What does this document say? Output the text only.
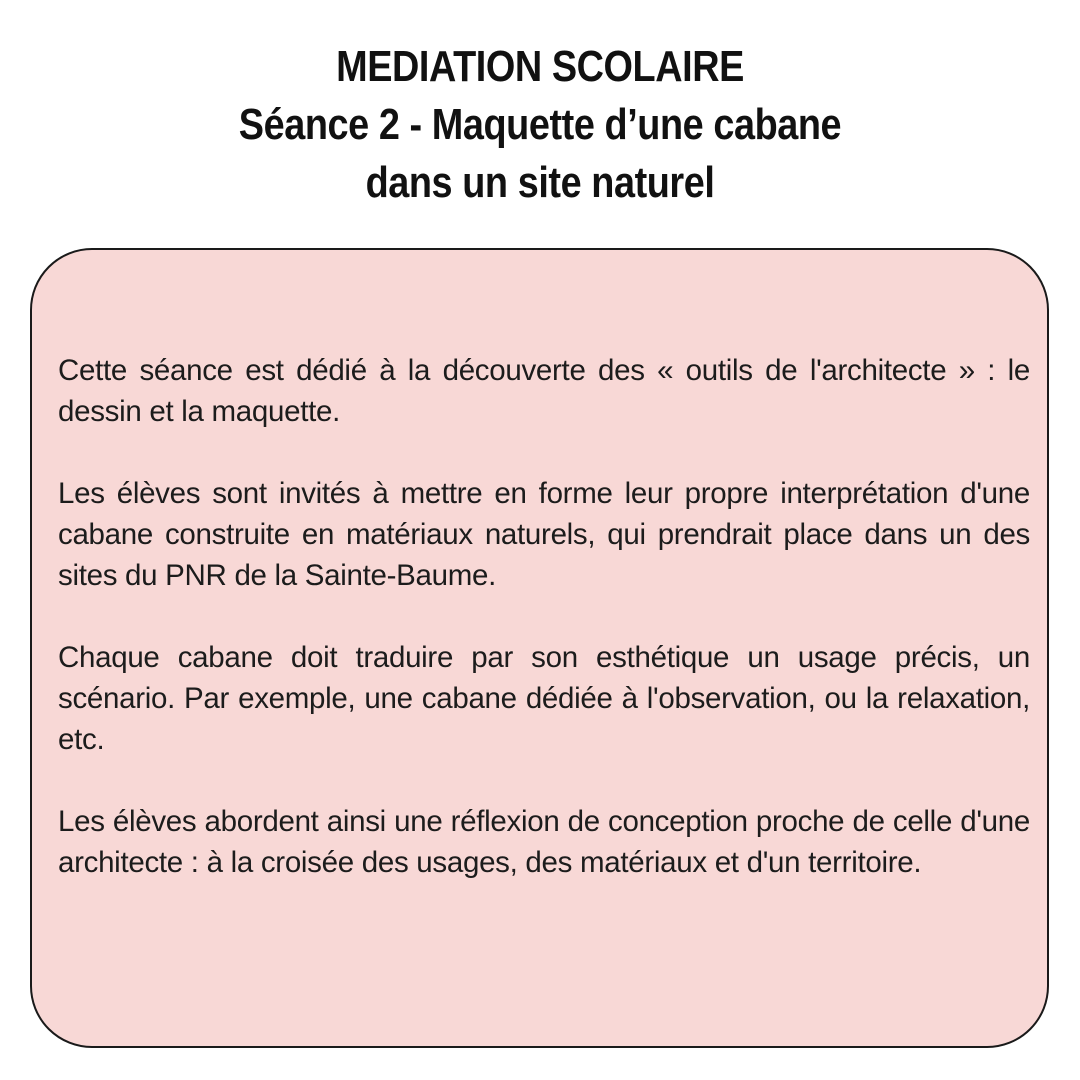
MEDIATION SCOLAIRE
Séance 2 - Maquette d’une cabane
dans un site naturel

Cette séance est dédié à la découverte des « outils de l'architecte » : le dessin et la maquette.

Les élèves sont invités à mettre en forme leur propre interprétation d'une cabane construite en matériaux naturels, qui prendrait place dans un des sites du PNR de la Sainte-Baume.

Chaque cabane doit traduire par son esthétique un usage précis, un scénario. Par exemple, une cabane dédiée à l'observation, ou la relaxation, etc.

Les élèves abordent ainsi une réflexion de conception proche de celle d'une architecte : à la croisée des usages, des matériaux et d'un territoire.
